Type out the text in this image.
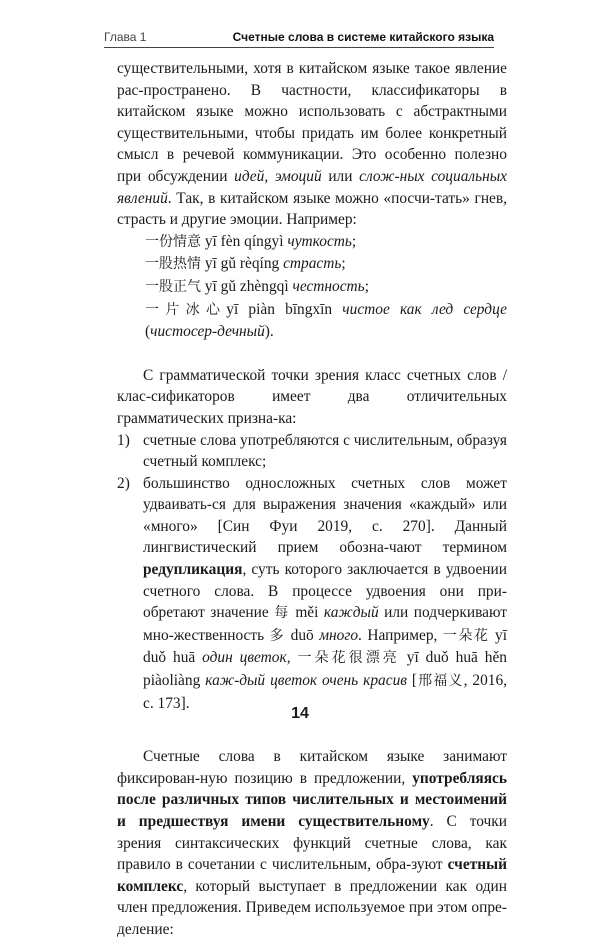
Глава 1	Счетные слова в системе китайского языка

существительными, хотя в китайском языке такое явление рас-пространено. В частности, классификаторы в китайском языке можно использовать с абстрактными существительными, чтобы придать им более конкретный смысл в речевой коммуникации. Это особенно полезно при обсуждении идей, эмоций или слож-ных социальных явлений. Так, в китайском языке можно «посчи-тать» гнев, страсть и другие эмоции. Например:

一份情意 yī fèn qíngyì чуткость;

一股热情 yī gǔ rèqíng страсть;

一股正气 yī gǔ zhèngqì честность;

一片冰心yī piàn bīngxīn чистое как лед сердце (чистосер-дечный).

С грамматической точки зрения класс счетных слов / клас-сификаторов имеет два отличительных грамматических призна-ка:

1) счетные слова употребляются с числительным, образуя счетный комплекс;
2) большинство односложных счетных слов может удваивать-ся для выражения значения «каждый» или «много» [Син Фуи 2019, с. 270]. Данный лингвистический прием обозна-чают термином редупликация, суть которого заключается в удвоении счетного слова. В процессе удвоения они при-обретают значение 每 měi каждый или подчеркивают мно-жественность 多 duō много. Например, 一朵花 yī duǒ huā один цветок, 一朵花很漂亮 yī duǒ huā hěn piàoliàng каж-дый цветок очень красив [邢福义, 2016, с. 173].

Счетные слова в китайском языке занимают фиксирован-ную позицию в предложении, употребляясь после различных типов числительных и местоимений и предшествуя имени существительному. С точки зрения синтаксических функций счетные слова, как правило в сочетании с числительным, обра-зуют счетный комплекс, который выступает в предложении как один член предложения. Приведем используемое при этом опре-деление:

14
